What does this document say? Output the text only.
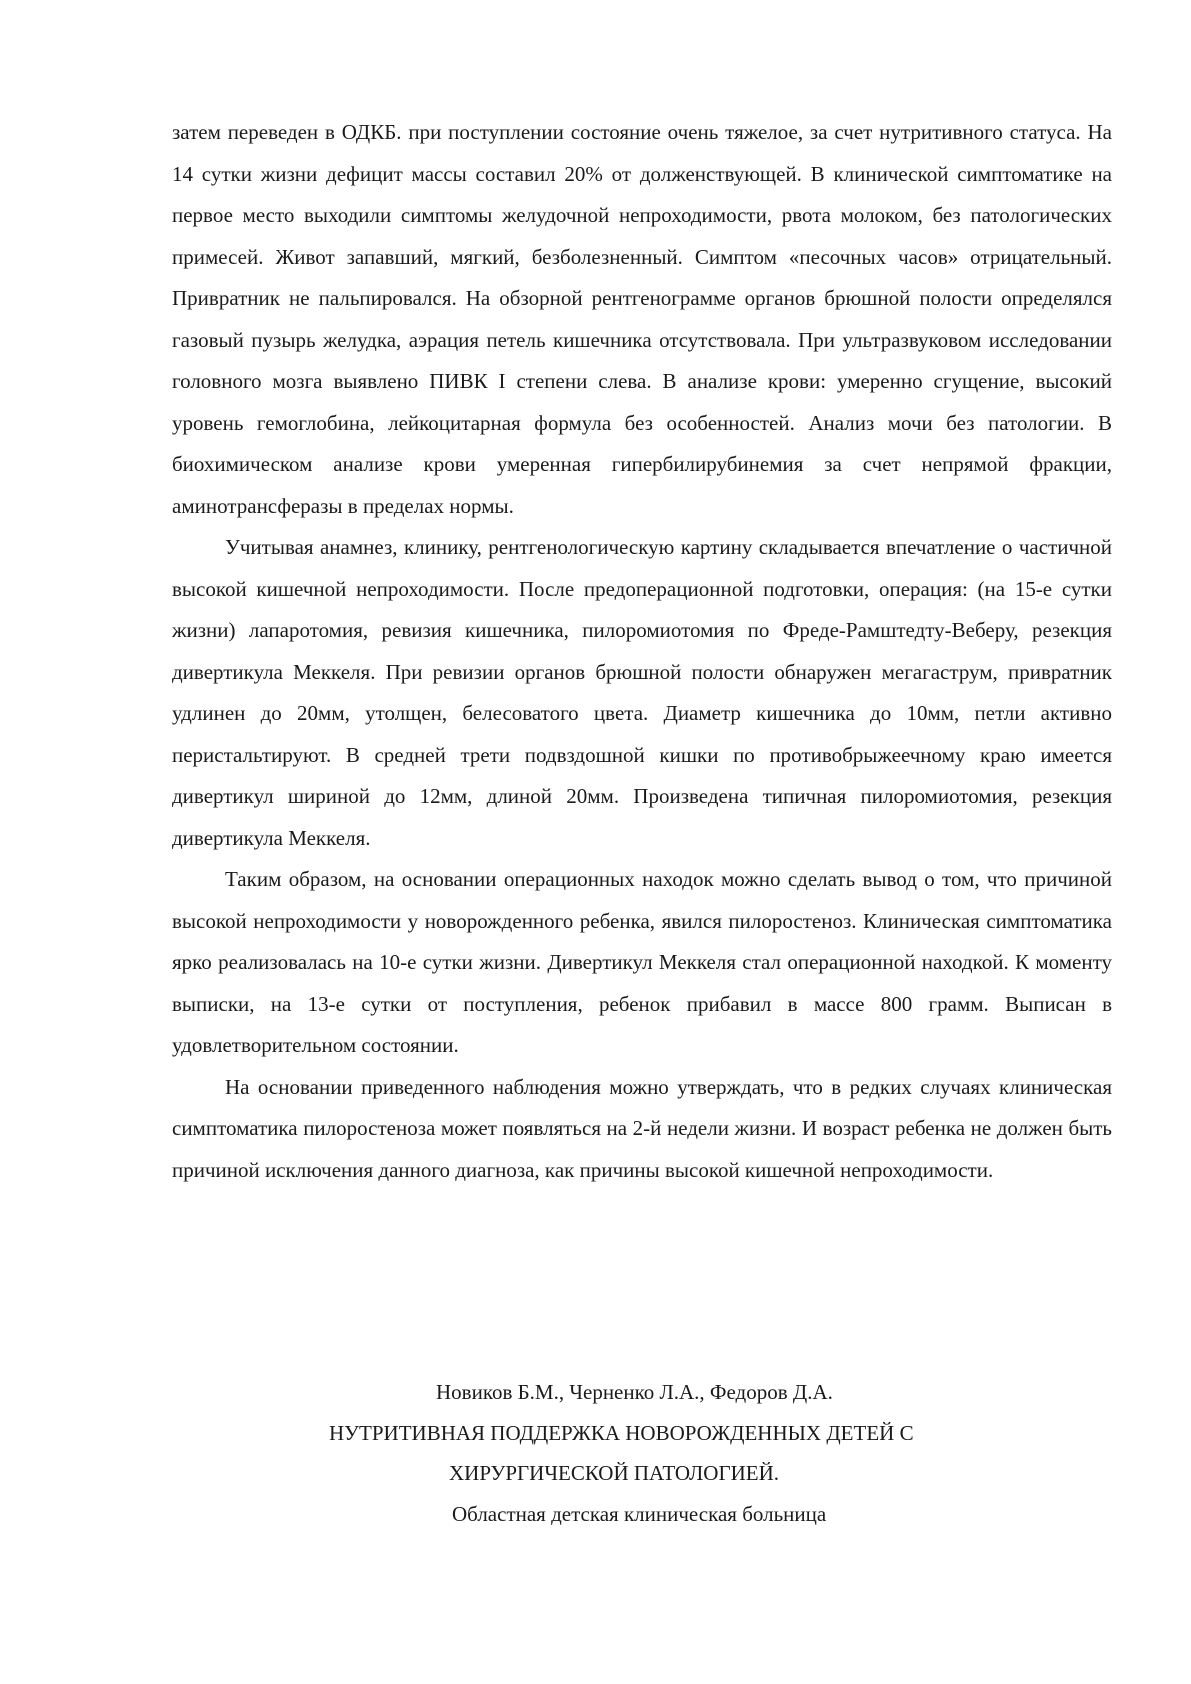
затем переведен в ОДКБ. при поступлении состояние очень тяжелое, за счет нутритивного статуса. На 14 сутки жизни дефицит массы составил 20% от долженствующей. В клинической симптоматике на первое место выходили симптомы желудочной непроходимости, рвота молоком, без патологических примесей. Живот запавший, мягкий, безболезненный. Симптом «песочных часов» отрицательный. Привратник не пальпировался. На обзорной рентгенограмме органов брюшной полости определялся газовый пузырь желудка, аэрация петель кишечника отсутствовала. При ультразвуковом исследовании головного мозга выявлено ПИВК I степени слева. В анализе крови: умеренно сгущение, высокий уровень гемоглобина, лейкоцитарная формула без особенностей. Анализ мочи без патологии. В биохимическом анализе крови умеренная гипербилирубинемия за счет непрямой фракции, аминотрансферазы в пределах нормы.

Учитывая анамнез, клинику, рентгенологическую картину складывается впечатление о частичной высокой кишечной непроходимости. После предоперационной подготовки, операция: (на 15-е сутки жизни) лапаротомия, ревизия кишечника, пилоромиотомия по Фреде-Рамштедту-Веберу, резекция дивертикула Меккеля. При ревизии органов брюшной полости обнаружен мегагаструм, привратник удлинен до 20мм, утолщен, белесоватого цвета. Диаметр кишечника до 10мм, петли активно перистальтируют. В средней трети подвздошной кишки по противобрыжеечному краю имеется дивертикул шириной до 12мм, длиной 20мм. Произведена типичная пилоромиотомия, резекция дивертикула Меккеля.

Таким образом, на основании операционных находок можно сделать вывод о том, что причиной высокой непроходимости у новорожденного ребенка, явился пилоростеноз. Клиническая симптоматика ярко реализовалась на 10-е сутки жизни. Дивертикул Меккеля стал операционной находкой. К моменту выписки, на 13-е сутки от поступления, ребенок прибавил в массе 800 грамм. Выписан в удовлетворительном состоянии.

На основании приведенного наблюдения можно утверждать, что в редких случаях клиническая симптоматика пилоростеноза может появляться на 2-й недели жизни. И возраст ребенка не должен быть причиной исключения данного диагноза, как причины высокой кишечной непроходимости.

Новиков Б.М., Черненко Л.А., Федоров Д.А.
НУТРИТИВНАЯ ПОДДЕРЖКА НОВОРОЖДЕННЫХ ДЕТЕЙ С
ХИРУРГИЧЕСКОЙ ПАТОЛОГИЕЙ.
Областная детская клиническая больница
